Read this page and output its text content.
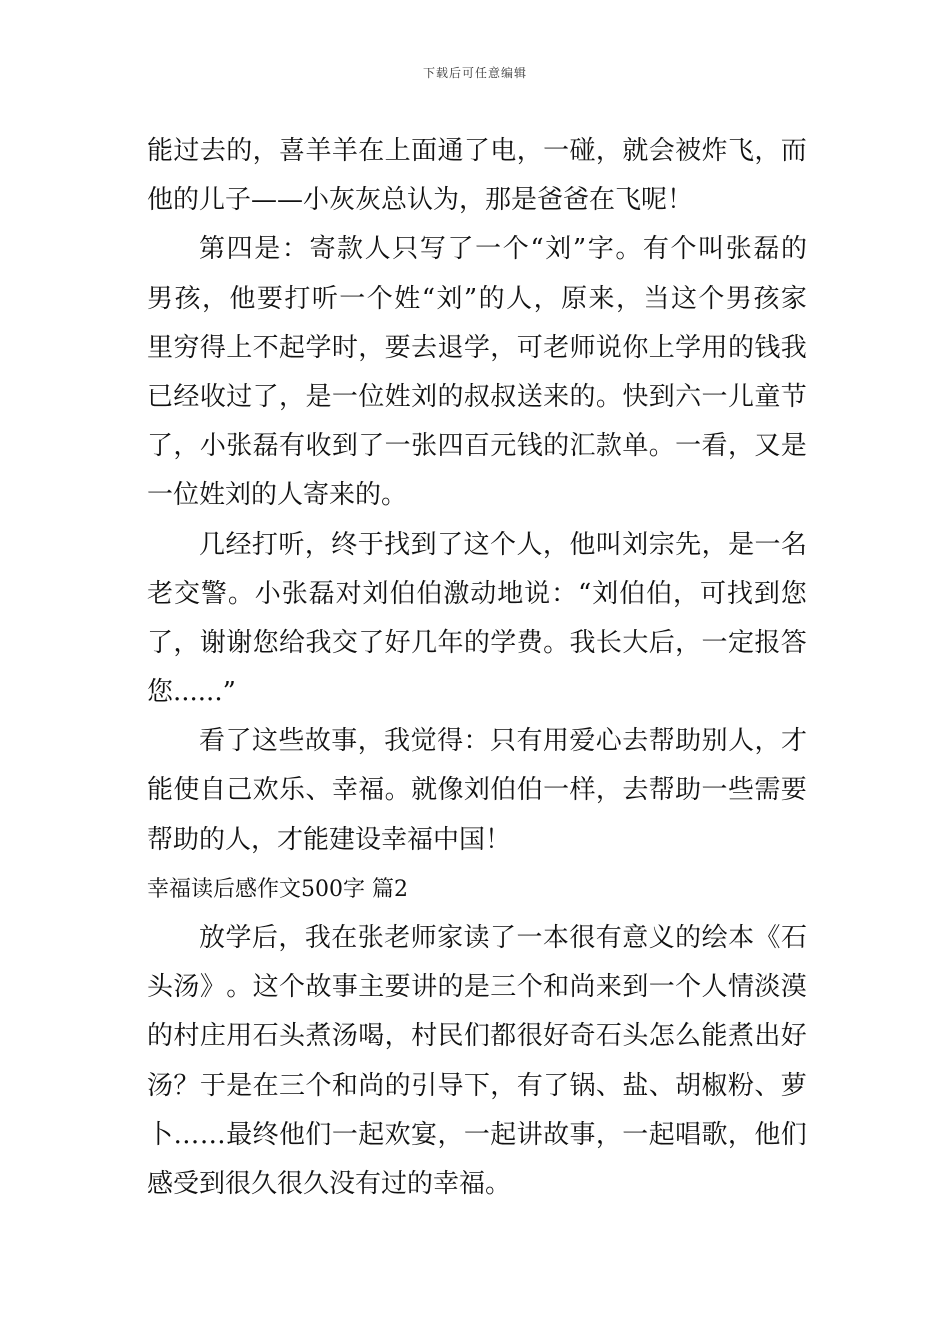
下载后可任意编辑
能 过 去 的 ， 喜 羊 羊 在 上 面 通 了 电 ， 一 碰 ， 就 会 被 炸 飞 ， 而
他的儿子——小灰灰总认为，那是爸爸在飞呢！
第 四 是 ： 寄 款 人 只 写 了 一 个 “ 刘 ” 字 。 有 个 叫 张 磊 的
男 孩 ， 他 要 打 听 一 个 姓 “ 刘 ” 的 人 ， 原 来 ， 当 这 个 男 孩 家
里 穷 得 上 不 起 学 时 ， 要 去 退 学 ， 可 老 师 说 你 上 学 用 的 钱 我
已 经 收 过 了 ， 是 一 位 姓 刘 的 叔 叔 送 来 的 。 快 到 六 一 儿 童 节
了 ， 小 张 磊 有 收 到 了 一 张 四 百 元 钱 的 汇 款 单 。 一 看 ， 又 是
一位姓刘的人寄来的。
几 经 打 听 ， 终 于 找 到 了 这 个 人 ， 他 叫 刘 宗 先 ， 是 一 名
老 交 警 。 小 张 磊 对 刘 伯 伯 激 动 地 说 ： “ 刘 伯 伯 ， 可 找 到 您
了 ， 谢 谢 您 给 我 交 了 好 几 年 的 学 费 。 我 长 大 后 ， 一 定 报 答
您......”
看 了 这 些 故 事 ， 我 觉 得 ： 只 有 用 爱 心 去 帮 助 别 人 ， 才
能 使 自 己 欢 乐 、 幸 福 。 就 像 刘 伯 伯 一 样 ， 去 帮 助 一 些 需 要
帮助的人，才能建设幸福中国！
幸福读后感作文500字 篇2
放 学 后 ， 我 在 张 老 师 家 读 了 一 本 很 有 意 义 的 绘 本 《 石
头 汤 》 。 这 个 故 事 主 要 讲 的 是 三 个 和 尚 来 到 一 个 人 情 淡 漠
的 村 庄 用 石 头 煮 汤 喝 ， 村 民 们 都 很 好 奇 石 头 怎 么 能 煮 出 好
汤 ？ 于 是 在 三 个 和 尚 的 引 导 下 ， 有 了 锅 、 盐 、 胡 椒 粉 、 萝
卜 … … 最 终 他 们 一 起 欢 宴 ， 一 起 讲 故 事 ， 一 起 唱 歌 ， 他 们
感受到很久很久没有过的幸福。
